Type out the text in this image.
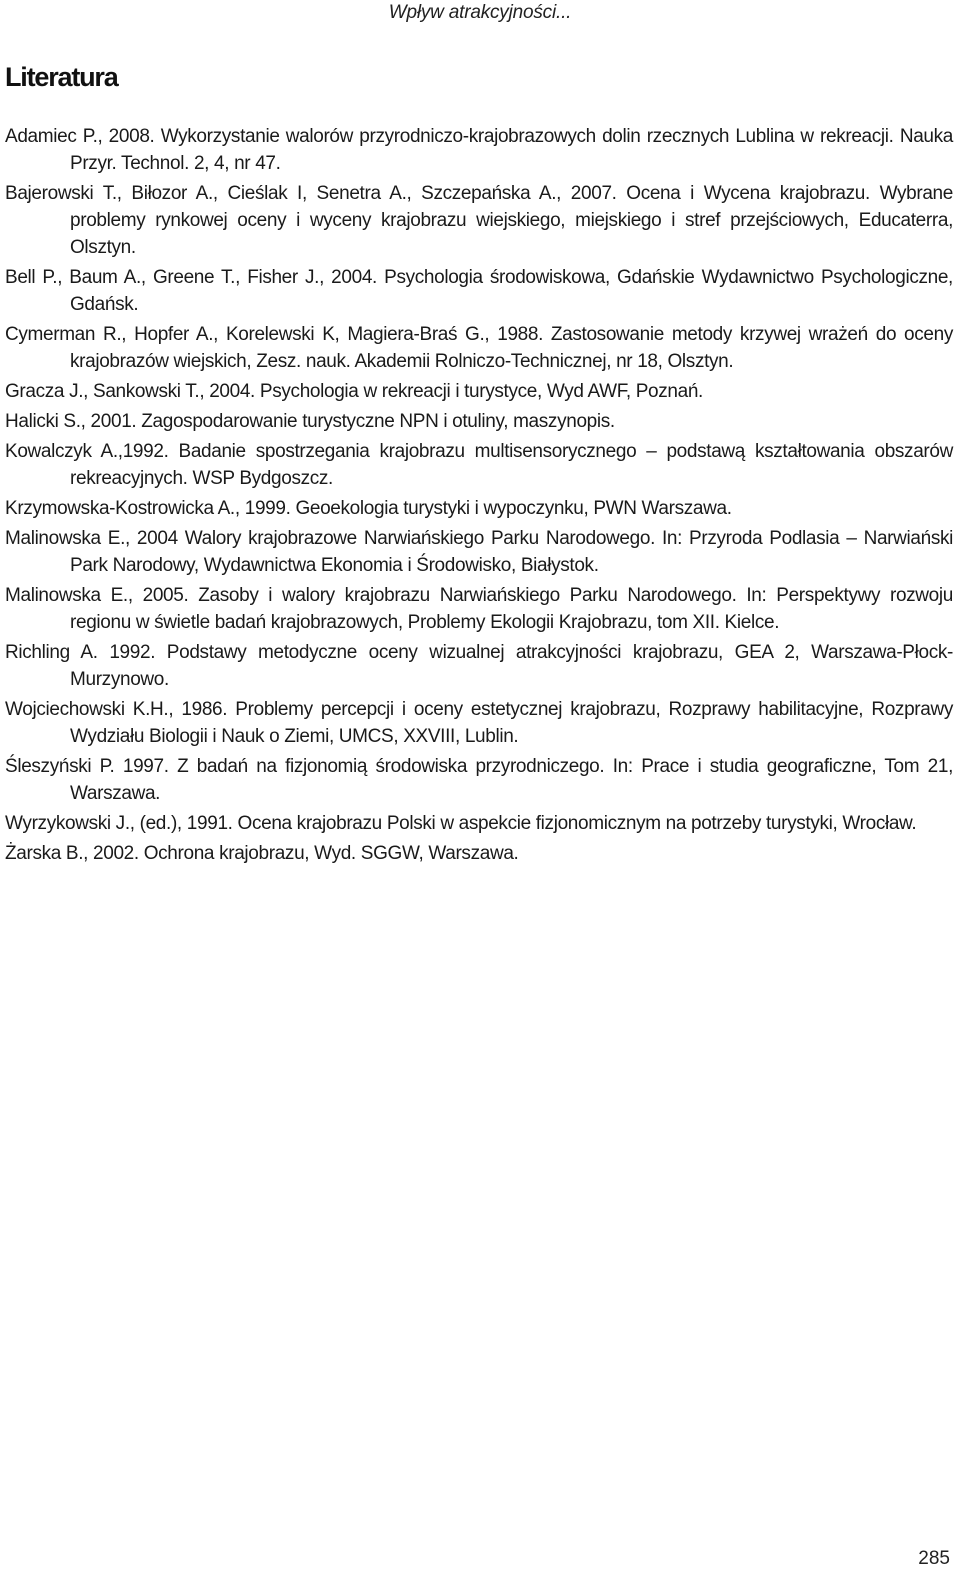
Wpływ atrakcyjności...
Literatura
Adamiec P., 2008. Wykorzystanie walorów przyrodniczo-krajobrazowych dolin rzecznych Lublina w rekreacji. Nauka Przyr. Technol. 2, 4, nr 47.
Bajerowski T., Biłozor A., Cieślak I, Senetra A., Szczepańska A., 2007. Ocena i Wycena krajobrazu. Wybrane problemy rynkowej oceny i wyceny krajobrazu wiejskiego, miejskiego i stref przejściowych, Educaterra, Olsztyn.
Bell P., Baum A., Greene T., Fisher J., 2004. Psychologia środowiskowa, Gdańskie Wydawnictwo Psychologiczne, Gdańsk.
Cymerman R., Hopfer A., Korelewski K, Magiera-Braś G., 1988. Zastosowanie metody krzywej wrażeń do oceny krajobrazów wiejskich, Zesz. nauk. Akademii Rolniczo-Technicznej, nr 18, Olsztyn.
Gracza J., Sankowski T., 2004. Psychologia w rekreacji i turystyce, Wyd AWF, Poznań.
Halicki S., 2001. Zagospodarowanie turystyczne NPN i otuliny, maszynopis.
Kowalczyk A.,1992. Badanie spostrzegania krajobrazu multisensorycznego – podstawą kształtowania obszarów rekreacyjnych. WSP Bydgoszcz.
Krzymowska-Kostrowicka A., 1999. Geoekologia turystyki i wypoczynku, PWN Warszawa.
Malinowska E., 2004 Walory krajobrazowe Narwiańskiego Parku Narodowego. In: Przyroda Podlasia – Narwiański Park Narodowy, Wydawnictwa Ekonomia i Środowisko, Białystok.
Malinowska E., 2005. Zasoby i walory krajobrazu Narwiańskiego Parku Narodowego. In: Perspektywy rozwoju regionu w świetle badań krajobrazowych, Problemy Ekologii Krajobrazu, tom XII. Kielce.
Richling A. 1992. Podstawy metodyczne oceny wizualnej atrakcyjności krajobrazu, GEA 2, Warszawa-Płock-Murzynowo.
Wojciechowski K.H., 1986. Problemy percepcji i oceny estetycznej krajobrazu, Rozprawy habilitacyjne, Rozprawy Wydziału Biologii i Nauk o Ziemi, UMCS, XXVIII, Lublin.
Śleszyński P. 1997. Z badań na fizjonomią środowiska przyrodniczego. In: Prace i studia geograficzne, Tom 21, Warszawa.
Wyrzykowski J., (ed.), 1991. Ocena krajobrazu Polski w aspekcie fizjonomicznym na potrzeby turystyki, Wrocław.
Żarska B., 2002. Ochrona krajobrazu, Wyd. SGGW, Warszawa.
285
